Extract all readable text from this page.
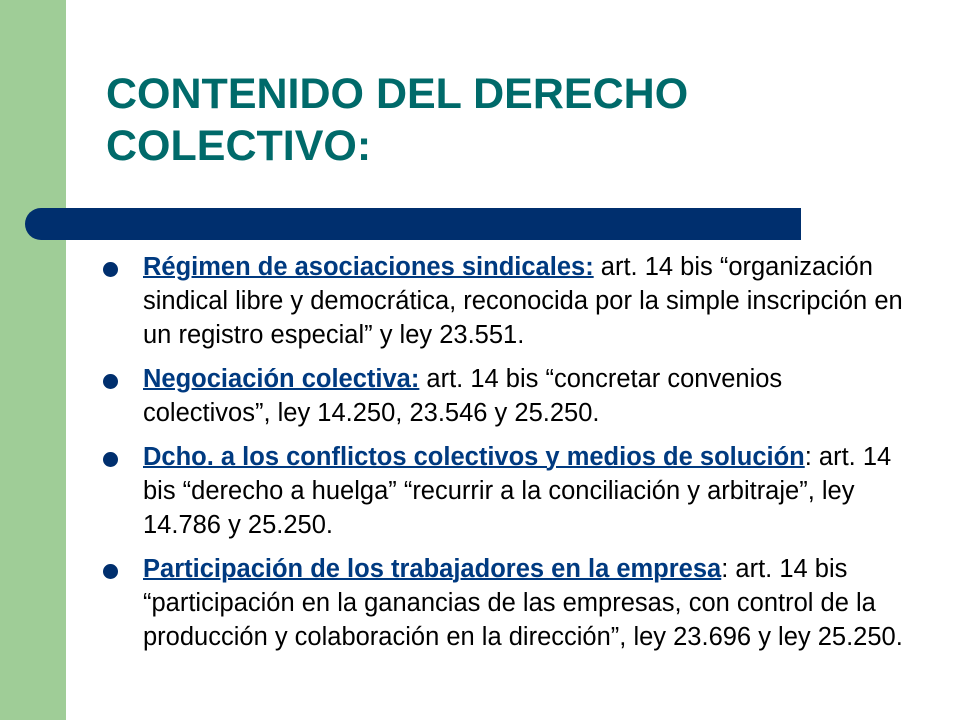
CONTENIDO DEL DERECHO COLECTIVO:
Régimen de asociaciones sindicales: art. 14 bis “organización sindical libre y democrática, reconocida por la simple inscripción en un registro especial” y ley 23.551.
Negociación colectiva: art. 14 bis “concretar convenios colectivos”, ley 14.250, 23.546 y 25.250.
Dcho. a los conflictos colectivos y medios de solución: art. 14 bis “derecho a huelga” “recurrir a la conciliación y arbitraje”, ley 14.786 y 25.250.
Participación de los trabajadores en la empresa: art. 14 bis “participación en la ganancias de las empresas, con control de la producción y colaboración en la dirección”, ley 23.696 y ley 25.250.
